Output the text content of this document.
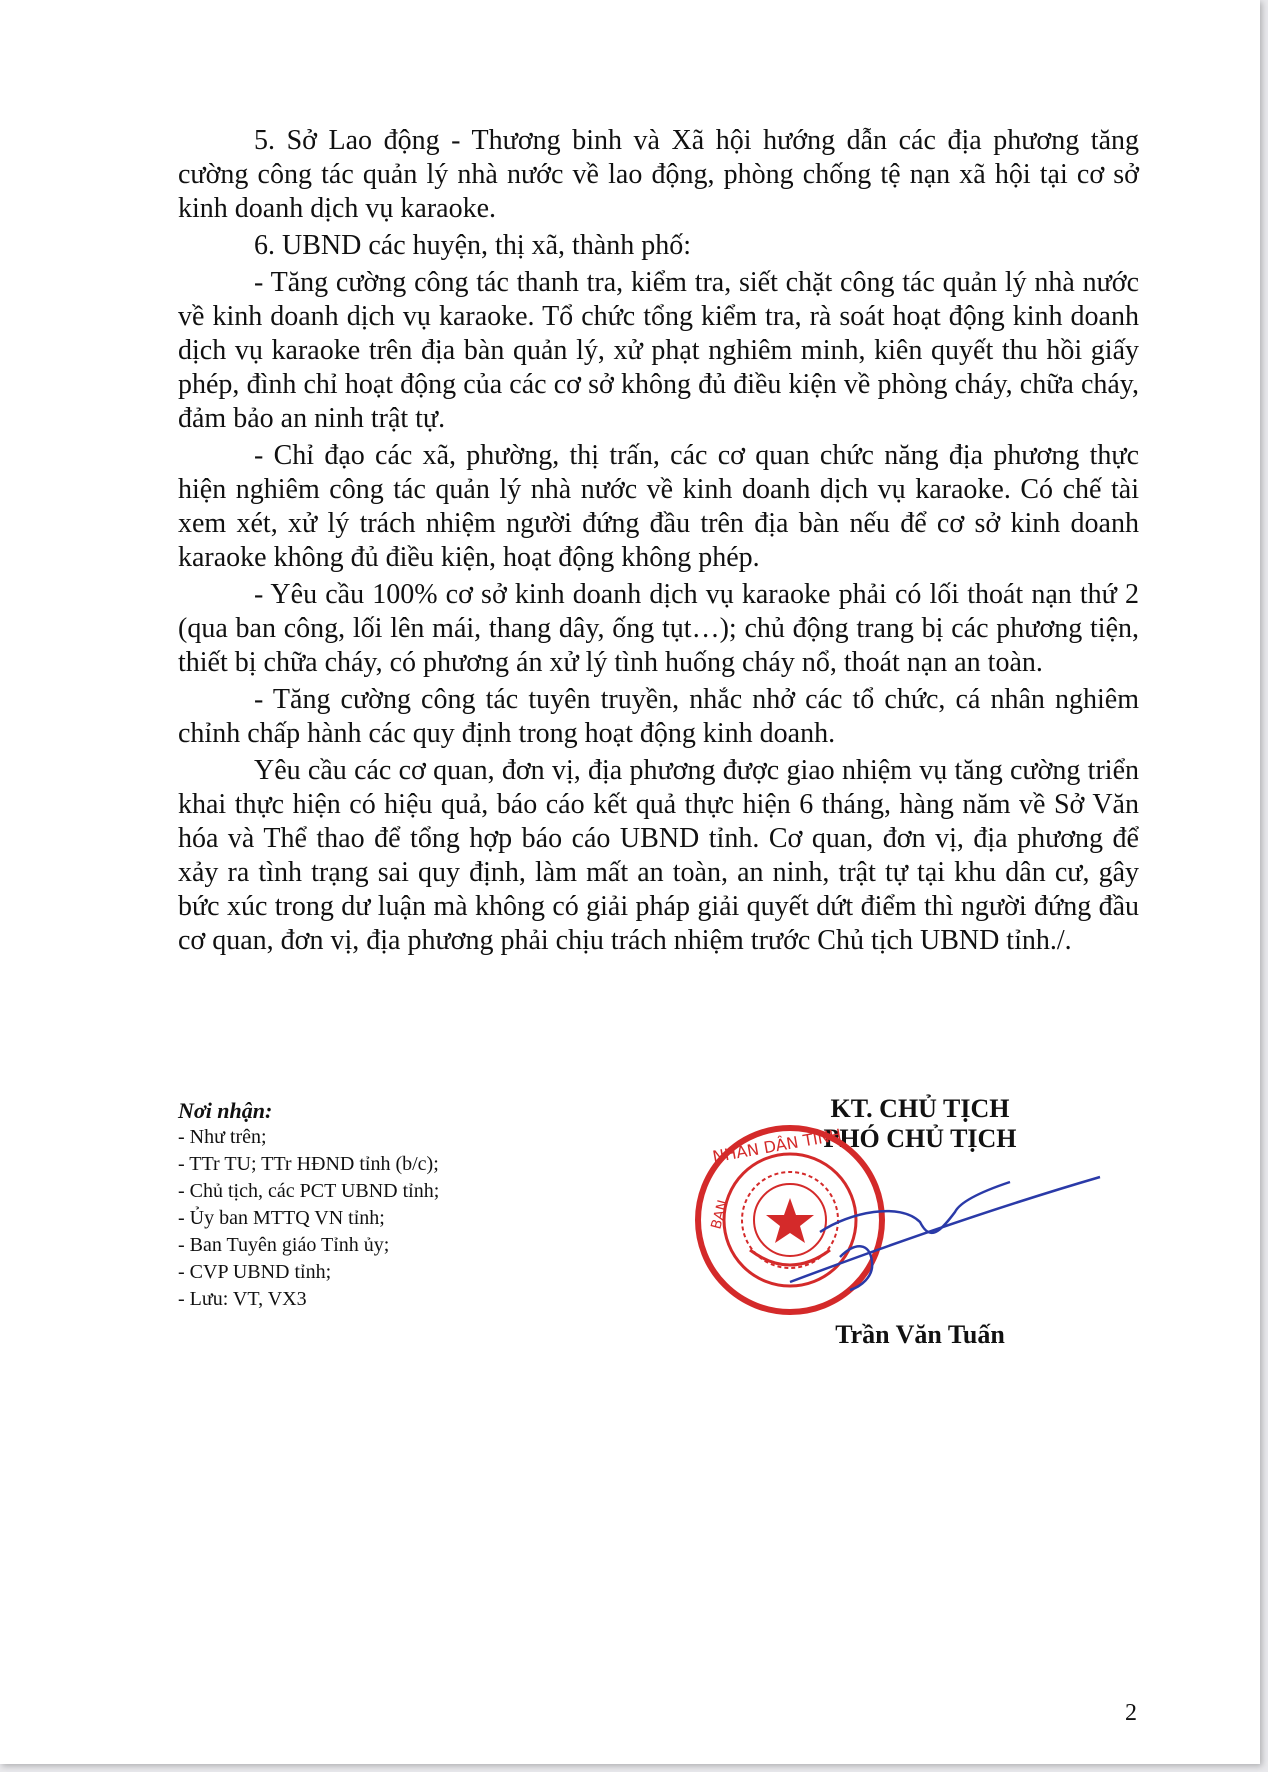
5. Sở Lao động - Thương binh và Xã hội hướng dẫn các địa phương tăng cường công tác quản lý nhà nước về lao động, phòng chống tệ nạn xã hội tại cơ sở kinh doanh dịch vụ karaoke.

6. UBND các huyện, thị xã, thành phố:

- Tăng cường công tác thanh tra, kiểm tra, siết chặt công tác quản lý nhà nước về kinh doanh dịch vụ karaoke. Tổ chức tổng kiểm tra, rà soát hoạt động kinh doanh dịch vụ karaoke trên địa bàn quản lý, xử phạt nghiêm minh, kiên quyết thu hồi giấy phép, đình chỉ hoạt động của các cơ sở không đủ điều kiện về phòng cháy, chữa cháy, đảm bảo an ninh trật tự.

- Chỉ đạo các xã, phường, thị trấn, các cơ quan chức năng địa phương thực hiện nghiêm công tác quản lý nhà nước về kinh doanh dịch vụ karaoke. Có chế tài xem xét, xử lý trách nhiệm người đứng đầu trên địa bàn nếu để cơ sở kinh doanh karaoke không đủ điều kiện, hoạt động không phép.

- Yêu cầu 100% cơ sở kinh doanh dịch vụ karaoke phải có lối thoát nạn thứ 2 (qua ban công, lối lên mái, thang dây, ống tụt…); chủ động trang bị các phương tiện, thiết bị chữa cháy, có phương án xử lý tình huống cháy nổ, thoát nạn an toàn.

- Tăng cường công tác tuyên truyền, nhắc nhở các tổ chức, cá nhân nghiêm chỉnh chấp hành các quy định trong hoạt động kinh doanh.

Yêu cầu các cơ quan, đơn vị, địa phương được giao nhiệm vụ tăng cường triển khai thực hiện có hiệu quả, báo cáo kết quả thực hiện 6 tháng, hàng năm về Sở Văn hóa và Thể thao để tổng hợp báo cáo UBND tỉnh. Cơ quan, đơn vị, địa phương để xảy ra tình trạng sai quy định, làm mất an toàn, an ninh, trật tự tại khu dân cư, gây bức xúc trong dư luận mà không có giải pháp giải quyết dứt điểm thì người đứng đầu cơ quan, đơn vị, địa phương phải chịu trách nhiệm trước Chủ tịch UBND tỉnh./.

Nơi nhận:
- Như trên;
- TTr TU; TTr HĐND tỉnh (b/c);
- Chủ tịch, các PCT UBND tỉnh;
- Ủy ban MTTQ VN tỉnh;
- Ban Tuyên giáo Tỉnh ủy;
- CVP UBND tỉnh;
- Lưu: VT, VX3
KT. CHỦ TỊCH
PHÓ CHỦ TỊCH
NHÂN DÂN TỈNH
BAN
Trần Văn Tuấn
2
